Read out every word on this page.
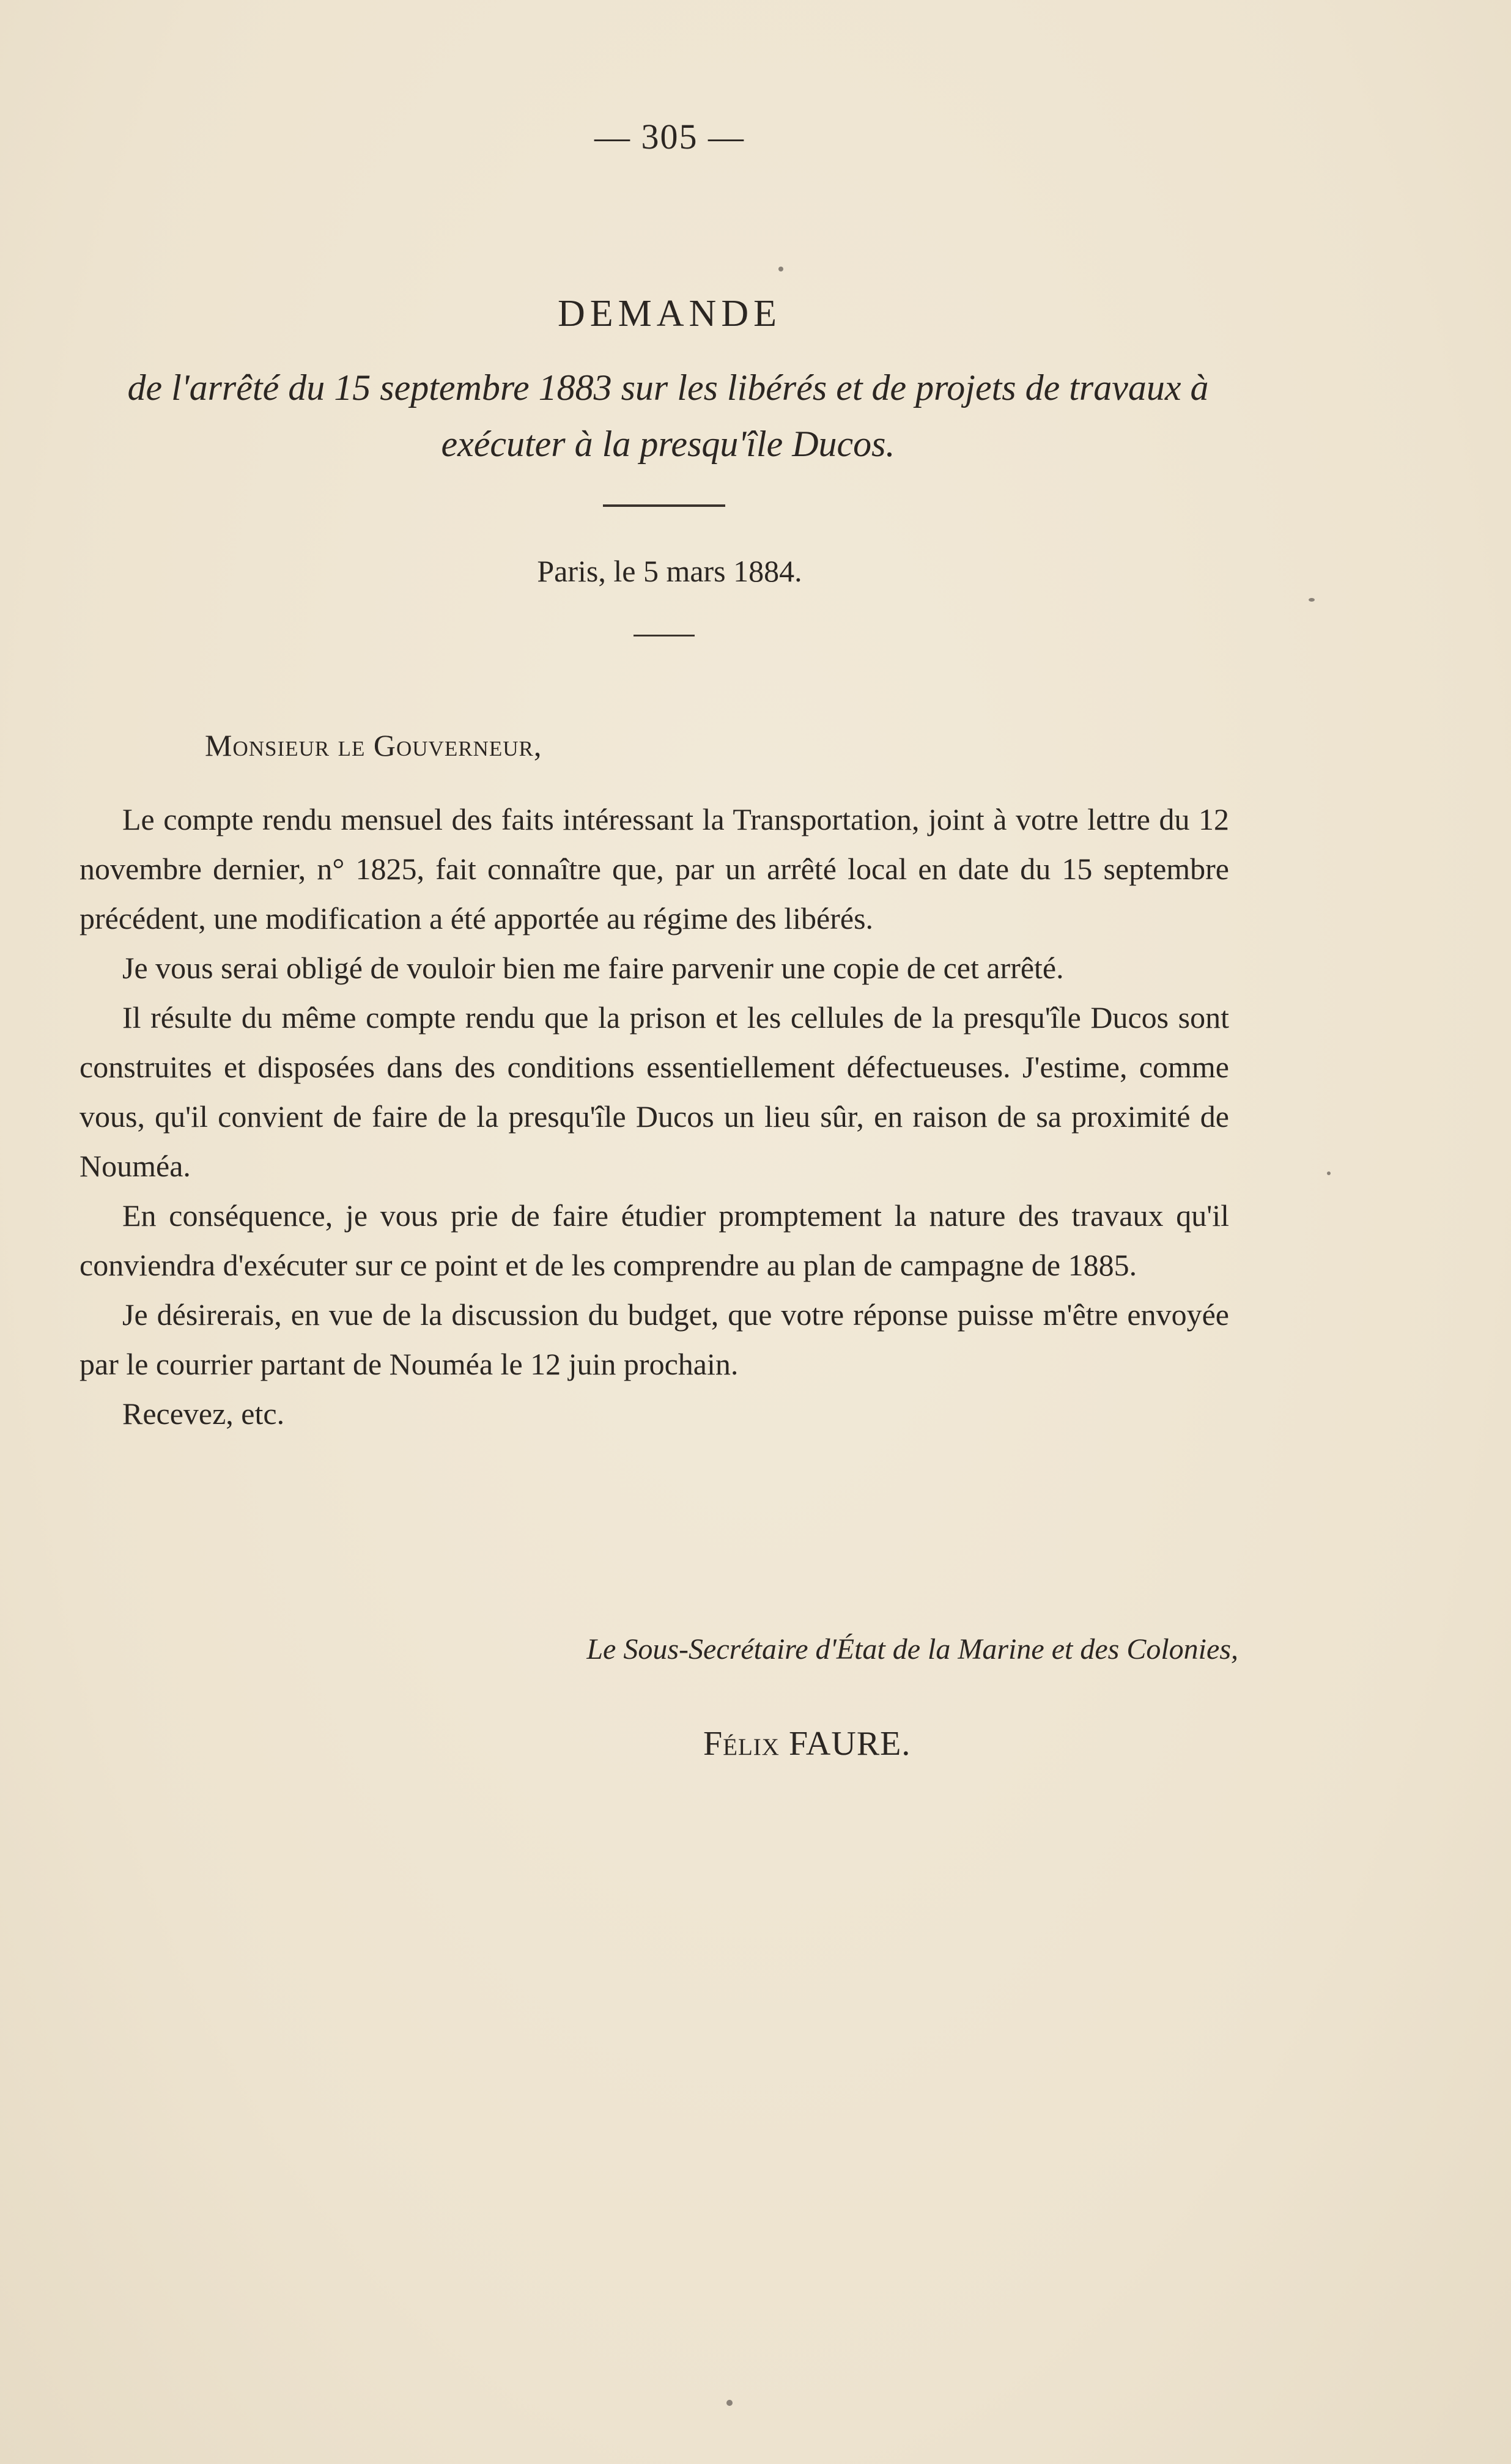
— 305 —
DEMANDE
de l'arrêté du 15 septembre 1883 sur les libérés et de projets de travaux à exécuter à la presqu'île Ducos.
Paris, le 5 mars 1884.
Monsieur le Gouverneur,

Le compte rendu mensuel des faits intéressant la Transportation, joint à votre lettre du 12 novembre dernier, n° 1825, fait connaître que, par un arrêté local en date du 15 septembre précédent, une modification a été apportée au régime des libérés.

Je vous serai obligé de vouloir bien me faire parvenir une copie de cet arrêté.

Il résulte du même compte rendu que la prison et les cellules de la presqu'île Ducos sont construites et disposées dans des conditions essentiellement défectueuses. J'estime, comme vous, qu'il convient de faire de la presqu'île Ducos un lieu sûr, en raison de sa proximité de Nouméa.

En conséquence, je vous prie de faire étudier promptement la nature des travaux qu'il conviendra d'exécuter sur ce point et de les comprendre au plan de campagne de 1885.

Je désirerais, en vue de la discussion du budget, que votre réponse puisse m'être envoyée par le courrier partant de Nouméa le 12 juin prochain.

Recevez, etc.

Le Sous-Secrétaire d'État de la Marine et des Colonies,
Félix FAURE.
